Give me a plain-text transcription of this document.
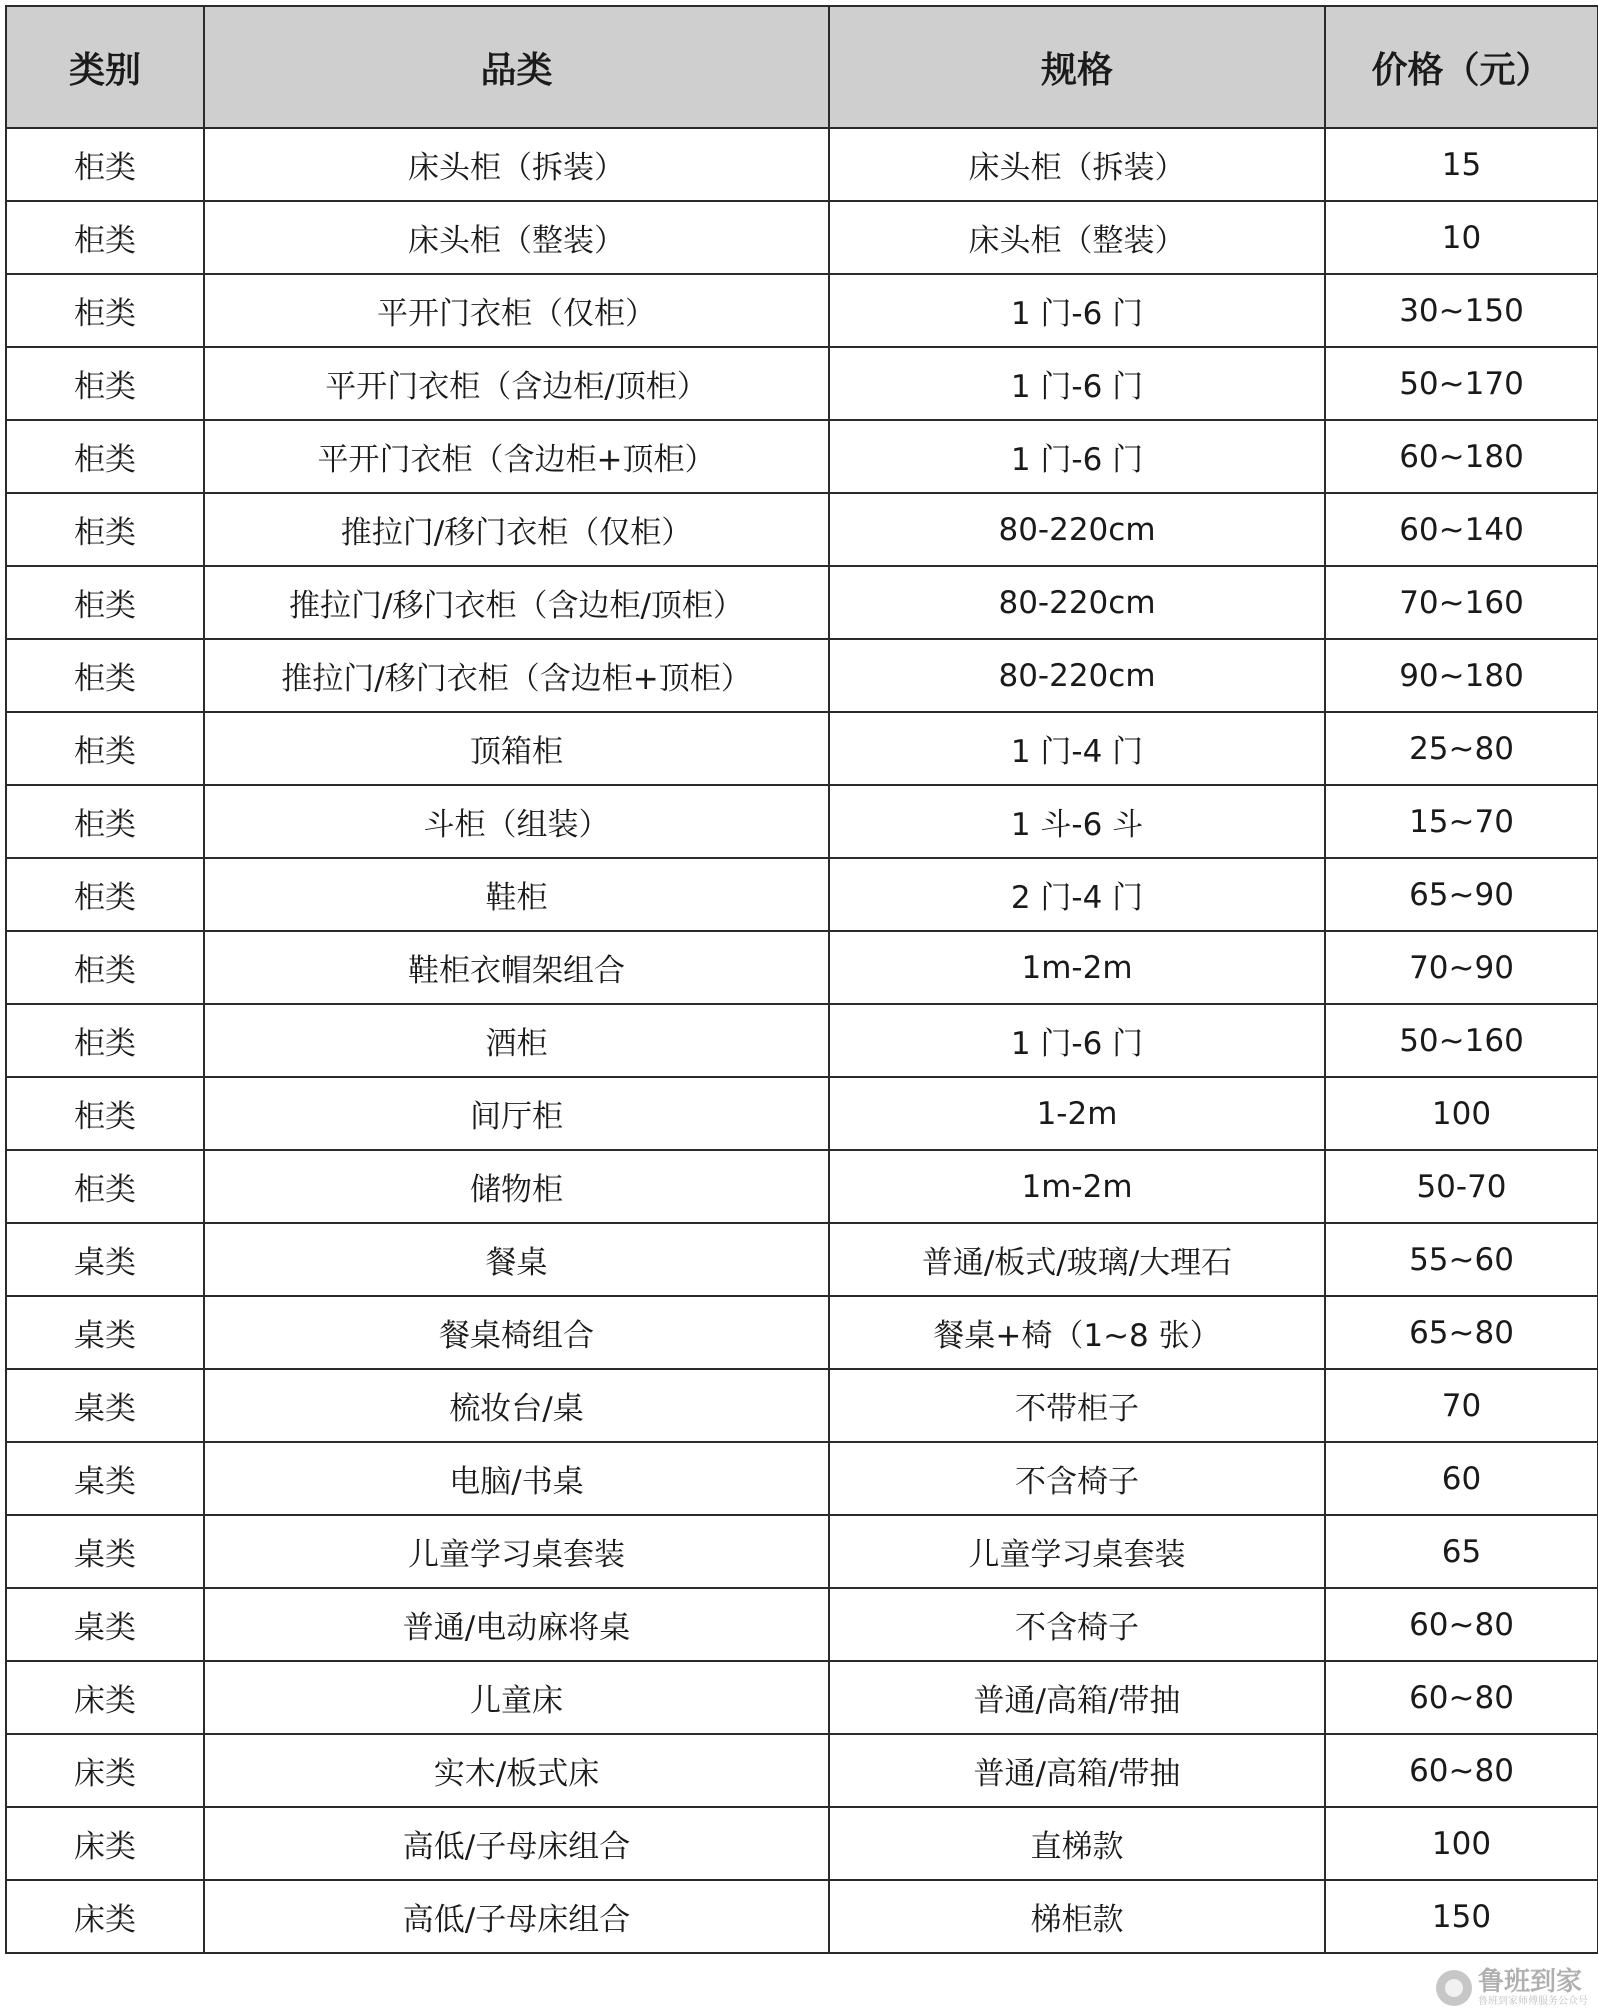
类别	品类	规格	价格（元）
柜类	床头柜（拆装）	床头柜（拆装）	15
柜类	床头柜（整装）	床头柜（整装）	10
柜类	平开门衣柜（仅柜）	1 门-6 门	30~150
柜类	平开门衣柜（含边柜/顶柜）	1 门-6 门	50~170
柜类	平开门衣柜（含边柜+顶柜）	1 门-6 门	60~180
柜类	推拉门/移门衣柜（仅柜）	80-220cm	60~140
柜类	推拉门/移门衣柜（含边柜/顶柜）	80-220cm	70~160
柜类	推拉门/移门衣柜（含边柜+顶柜）	80-220cm	90~180
柜类	顶箱柜	1 门-4 门	25~80
柜类	斗柜（组装）	1 斗-6 斗	15~70
柜类	鞋柜	2 门-4 门	65~90
柜类	鞋柜衣帽架组合	1m-2m	70~90
柜类	酒柜	1 门-6 门	50~160
柜类	间厅柜	1-2m	100
柜类	储物柜	1m-2m	50-70
桌类	餐桌	普通/板式/玻璃/大理石	55~60
桌类	餐桌椅组合	餐桌+椅（1~8 张）	65~80
桌类	梳妆台/桌	不带柜子	70
桌类	电脑/书桌	不含椅子	60
桌类	儿童学习桌套装	儿童学习桌套装	65
桌类	普通/电动麻将桌	不含椅子	60~80
床类	儿童床	普通/高箱/带抽	60~80
床类	实木/板式床	普通/高箱/带抽	60~80
床类	高低/子母床组合	直梯款	100
床类	高低/子母床组合	梯柜款	150
鲁班到家
鲁班到家师傅服务公众号
